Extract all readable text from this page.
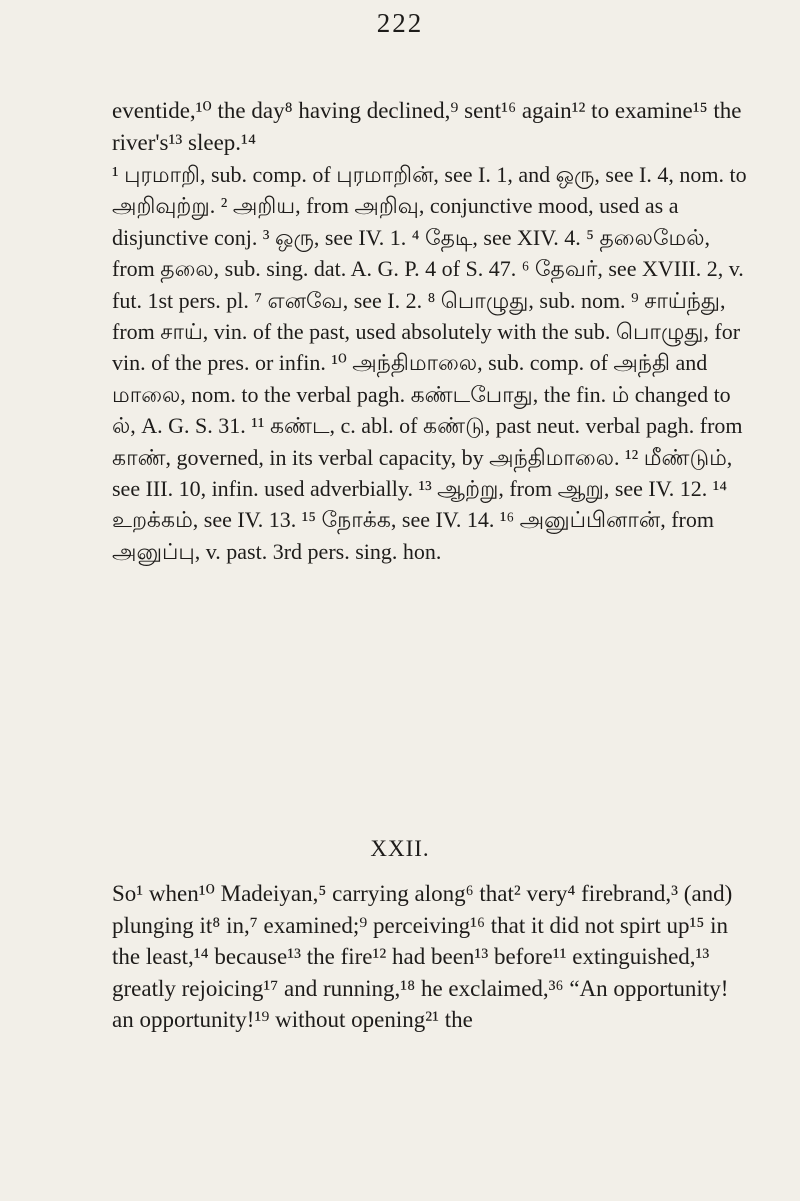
222

eventide,¹⁰ the day⁸ having declined,⁹ sent¹⁶ again¹² to examine¹⁵ the river's¹³ sleep.¹⁴

¹ புரமாறி, sub. comp. of புரமாறின், see I. 1, and ஒரு, see I. 4, nom. to அறிவுற்று. ² அறிய, from அறிவு, conjunctive mood, used as a disjunctive conj. ³ ஒரு, see IV. 1. ⁴ தேடி, see XIV. 4. ⁵ தலைமேல், from தலை, sub. sing. dat. A. G. P. 4 of S. 47. ⁶ தேவர், see XVIII. 2, v. fut. 1st pers. pl. ⁷ எனவே, see I. 2. ⁸ பொழுது, sub. nom. ⁹ சாய்ந்து, from சாய், vin. of the past, used absolutely with the sub. பொழுது, for vin. of the pres. or infin. ¹⁰ அந்திமாலை, sub. comp. of அந்தி and மாலை, nom. to the verbal pagh. கண்டபோது, the fin. ம் changed to ல், A. G. S. 31. ¹¹ கண்ட, c. abl. of கண்டு, past neut. verbal pagh. from காண், governed, in its verbal capacity, by அந்திமாலை. ¹² மீண்டும், see III. 10, infin. used adverbially. ¹³ ஆற்று, from ஆறு, see IV. 12. ¹⁴ உறக்கம், see IV. 13. ¹⁵ நோக்க, see IV. 14. ¹⁶ அனுப்பினான், from அனுப்பு, v. past. 3rd pers. sing. hon.

XXII.

So¹ when¹⁰ Madeiyan,⁵ carrying along⁶ that² very⁴ firebrand,³ (and) plunging it⁸ in,⁷ examined;⁹ perceiving¹⁶ that it did not spirt up¹⁵ in the least,¹⁴ because¹³ the fire¹² had been¹³ before¹¹ extinguished,¹³ greatly rejoicing¹⁷ and running,¹⁸ he exclaimed,³⁶ “An opportunity! an opportunity!¹⁹ without opening²¹ the
